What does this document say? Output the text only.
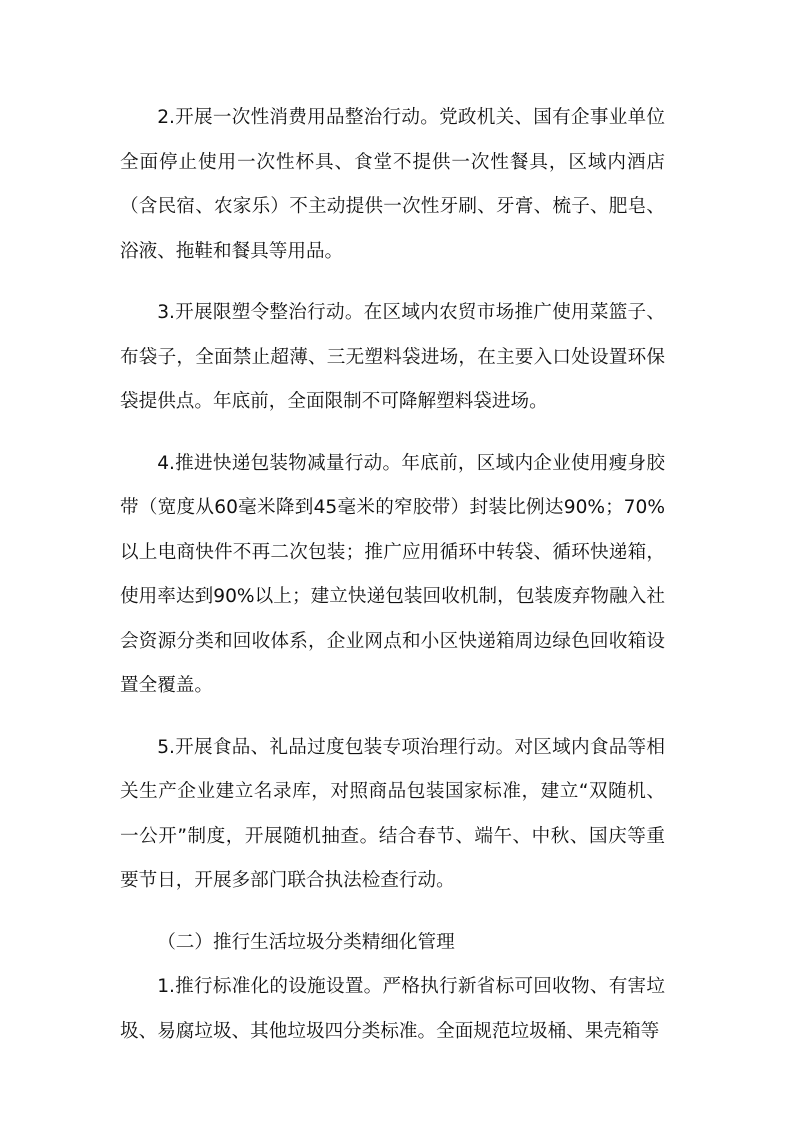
2.开展一次性消费用品整治行动。党政机关、国有企事业单位全面停止使用一次性杯具、食堂不提供一次性餐具，区域内酒店（含民宿、农家乐）不主动提供一次性牙刷、牙膏、梳子、肥皂、浴液、拖鞋和餐具等用品。

3.开展限塑令整治行动。在区域内农贸市场推广使用菜篮子、布袋子，全面禁止超薄、三无塑料袋进场，在主要入口处设置环保袋提供点。年底前，全面限制不可降解塑料袋进场。

4.推进快递包装物减量行动。年底前，区域内企业使用瘦身胶带（宽度从60毫米降到45毫米的窄胶带）封装比例达90%；70%以上电商快件不再二次包装；推广应用循环中转袋、循环快递箱，使用率达到90%以上；建立快递包装回收机制，包装废弃物融入社会资源分类和回收体系，企业网点和小区快递箱周边绿色回收箱设置全覆盖。

5.开展食品、礼品过度包装专项治理行动。对区域内食品等相关生产企业建立名录库，对照商品包装国家标准，建立“双随机、一公开”制度，开展随机抽查。结合春节、端午、中秋、国庆等重要节日，开展多部门联合执法检查行动。

（二）推行生活垃圾分类精细化管理

1.推行标准化的设施设置。严格执行新省标可回收物、有害垃圾、易腐垃圾、其他垃圾四分类标准。全面规范垃圾桶、果壳箱等
